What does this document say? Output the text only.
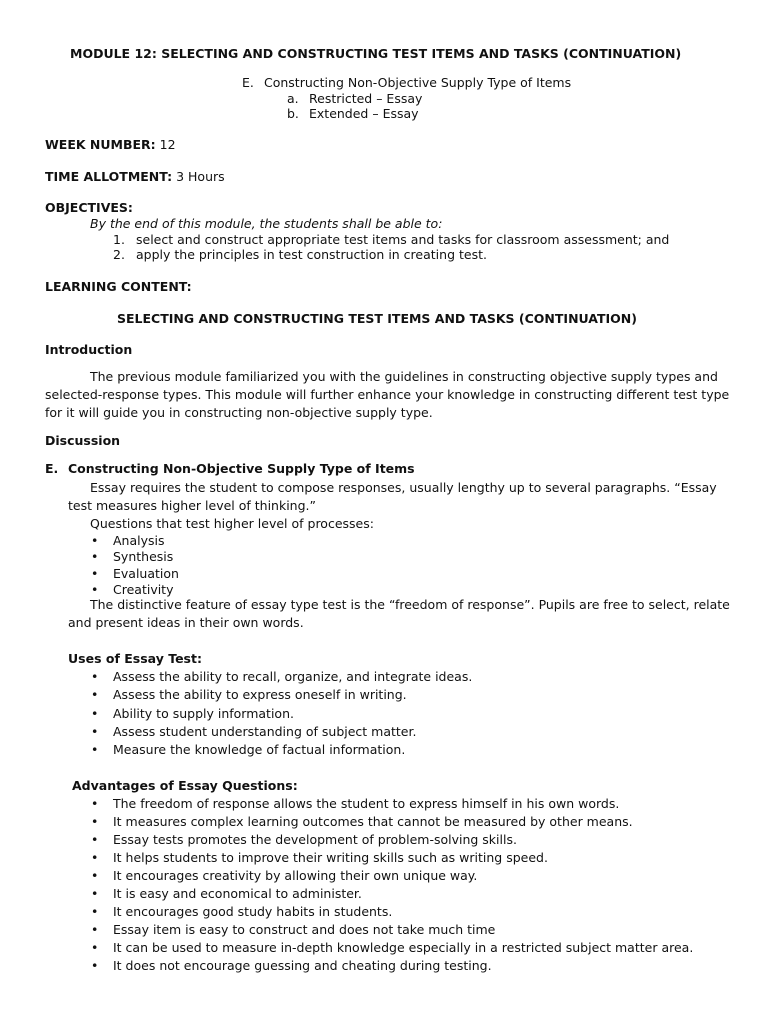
MODULE 12: SELECTING AND CONSTRUCTING TEST ITEMS AND TASKS (CONTINUATION)
E. Constructing Non-Objective Supply Type of Items
a. Restricted – Essay
b. Extended – Essay
WEEK NUMBER: 12
TIME ALLOTMENT: 3 Hours
OBJECTIVES:
By the end of this module, the students shall be able to:
1. select and construct appropriate test items and tasks for classroom assessment; and
2. apply the principles in test construction in creating test.
LEARNING CONTENT:
SELECTING AND CONSTRUCTING TEST ITEMS AND TASKS (CONTINUATION)
Introduction
The previous module familiarized you with the guidelines in constructing objective supply types and
selected-response types. This module will further enhance your knowledge in constructing different test type
for it will guide you in constructing non-objective supply type.
Discussion
E. Constructing Non-Objective Supply Type of Items
Essay requires the student to compose responses, usually lengthy up to several paragraphs. “Essay
test measures higher level of thinking.”
Questions that test higher level of processes:
• Analysis
• Synthesis
• Evaluation
• Creativity
The distinctive feature of essay type test is the “freedom of response”. Pupils are free to select, relate
and present ideas in their own words.
Uses of Essay Test:
• Assess the ability to recall, organize, and integrate ideas.
• Assess the ability to express oneself in writing.
• Ability to supply information.
• Assess student understanding of subject matter.
• Measure the knowledge of factual information.
Advantages of Essay Questions:
• The freedom of response allows the student to express himself in his own words.
• It measures complex learning outcomes that cannot be measured by other means.
• Essay tests promotes the development of problem-solving skills.
• It helps students to improve their writing skills such as writing speed.
• It encourages creativity by allowing their own unique way.
• It is easy and economical to administer.
• It encourages good study habits in students.
• Essay item is easy to construct and does not take much time
• It can be used to measure in-depth knowledge especially in a restricted subject matter area.
• It does not encourage guessing and cheating during testing.
